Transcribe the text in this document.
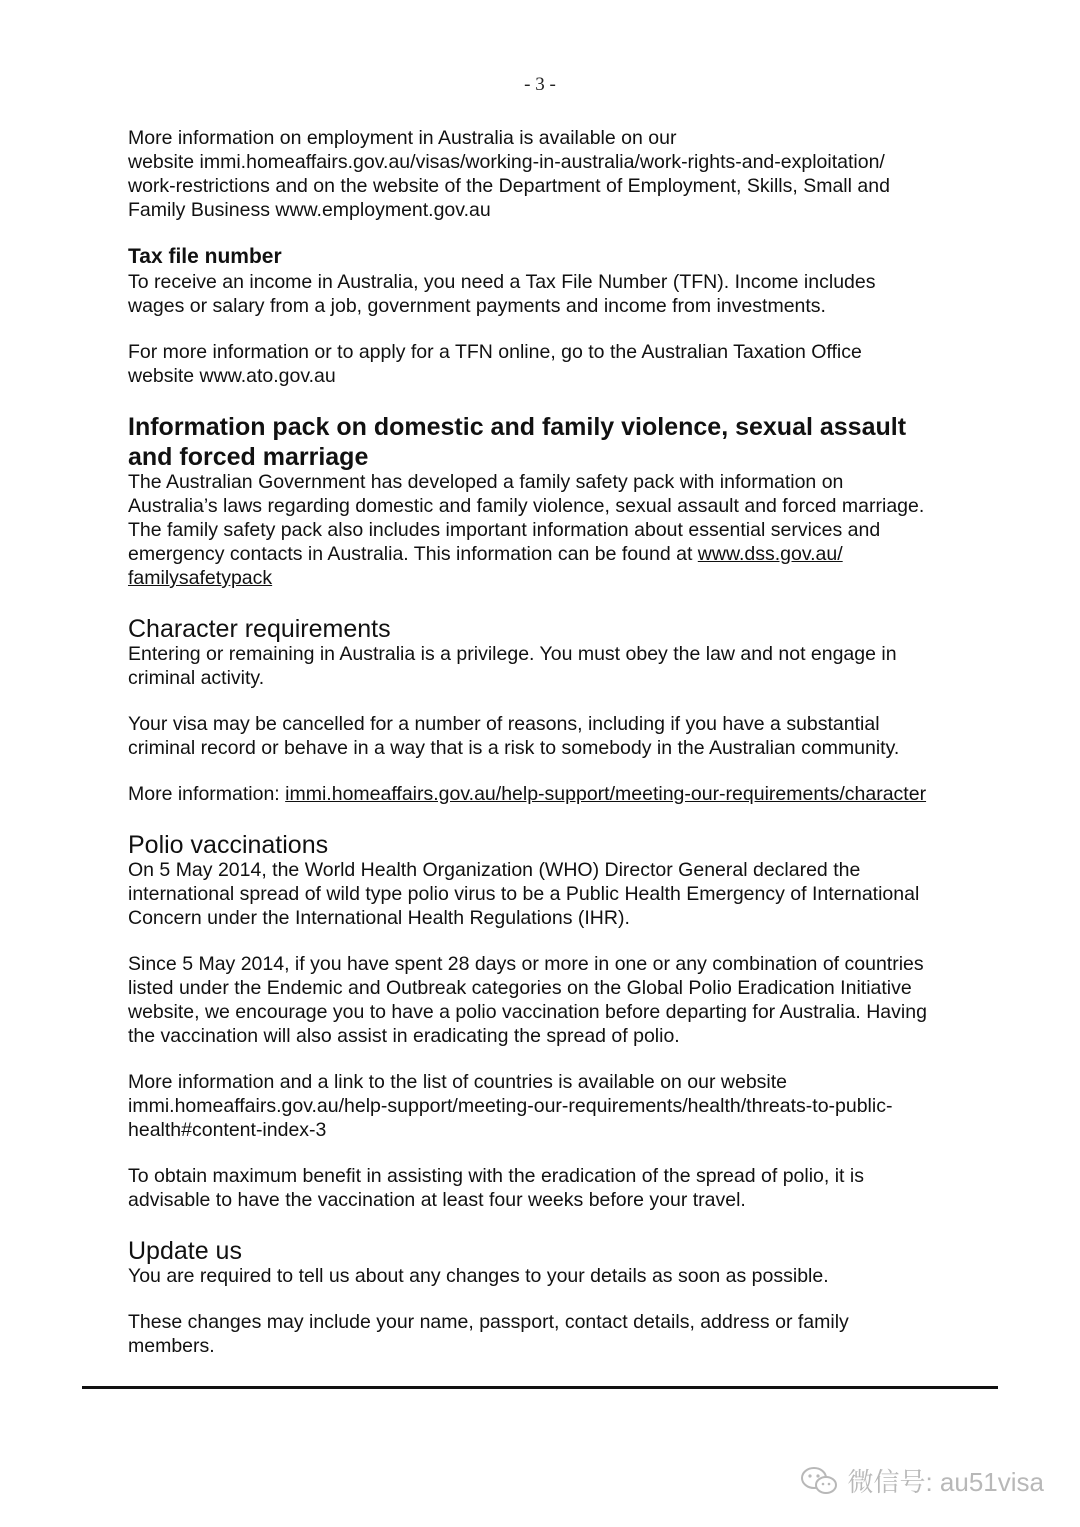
- 3 -
More information on employment in Australia is available on our
website immi.homeaffairs.gov.au/visas/working-in-australia/work-rights-and-exploitation/
work-restrictions and on the website of the Department of Employment, Skills, Small and
Family Business www.employment.gov.au
Tax file number
To receive an income in Australia, you need a Tax File Number (TFN). Income includes
wages or salary from a job, government payments and income from investments.
For more information or to apply for a TFN online, go to the Australian Taxation Office
website www.ato.gov.au
Information pack on domestic and family violence, sexual assault
and forced marriage
The Australian Government has developed a family safety pack with information on
Australia’s laws regarding domestic and family violence, sexual assault and forced marriage.
The family safety pack also includes important information about essential services and
emergency contacts in Australia. This information can be found at www.dss.gov.au/
familysafetypack
Character requirements
Entering or remaining in Australia is a privilege. You must obey the law and not engage in
criminal activity.
Your visa may be cancelled for a number of reasons, including if you have a substantial
criminal record or behave in a way that is a risk to somebody in the Australian community.
More information: immi.homeaffairs.gov.au/help-support/meeting-our-requirements/character
Polio vaccinations
On 5 May 2014, the World Health Organization (WHO) Director General declared the
international spread of wild type polio virus to be a Public Health Emergency of International
Concern under the International Health Regulations (IHR).
Since 5 May 2014, if you have spent 28 days or more in one or any combination of countries
listed under the Endemic and Outbreak categories on the Global Polio Eradication Initiative
website, we encourage you to have a polio vaccination before departing for Australia. Having
the vaccination will also assist in eradicating the spread of polio.
More information and a link to the list of countries is available on our website
immi.homeaffairs.gov.au/help-support/meeting-our-requirements/health/threats-to-public-
health#content-index-3
To obtain maximum benefit in assisting with the eradication of the spread of polio, it is
advisable to have the vaccination at least four weeks before your travel.
Update us
You are required to tell us about any changes to your details as soon as possible.
These changes may include your name, passport, contact details, address or family
members.
微信号: au51visa
